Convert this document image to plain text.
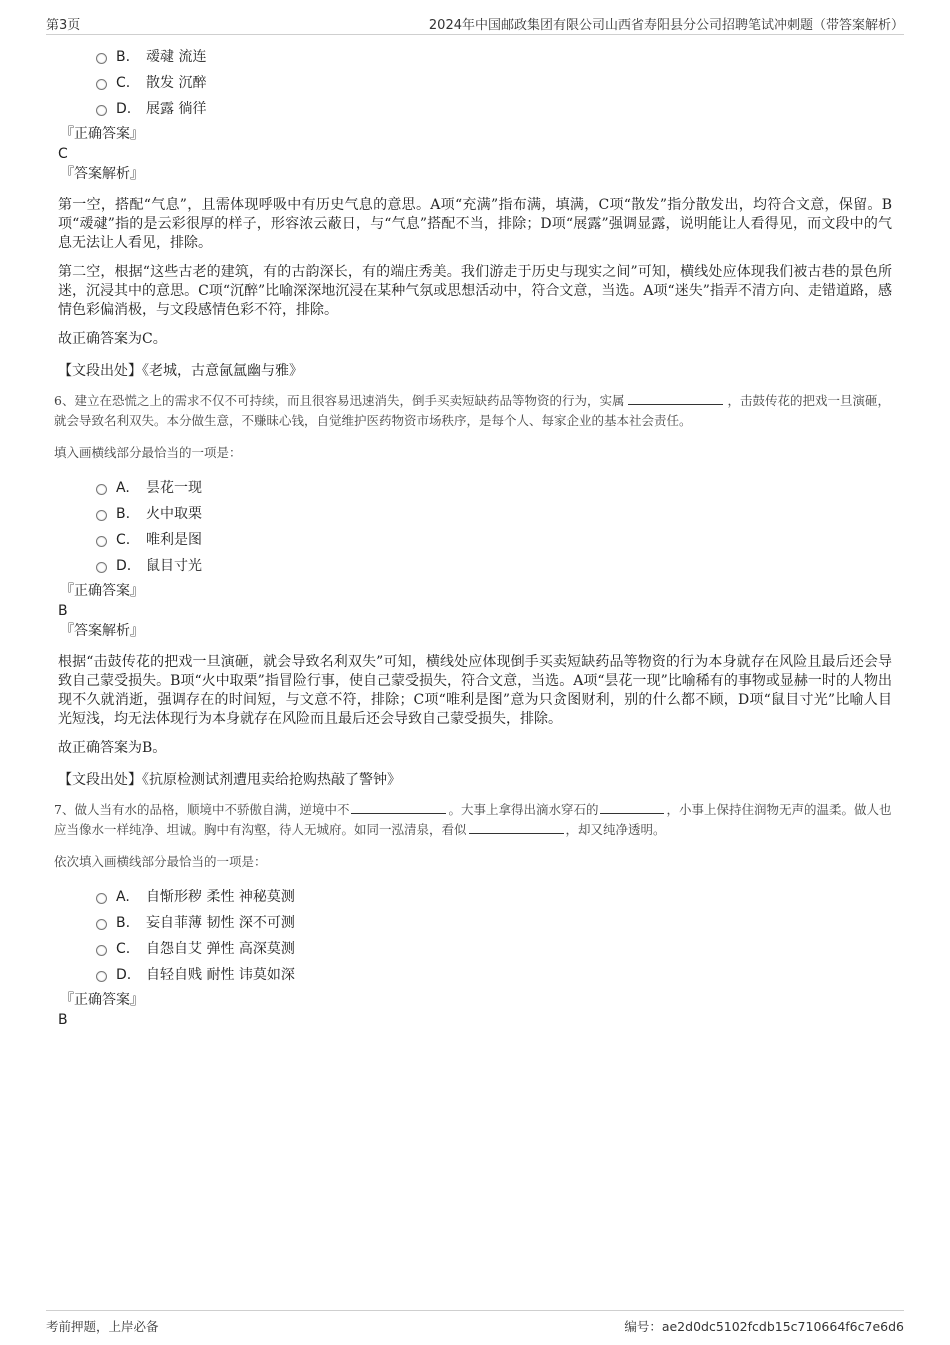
第3页	2024年中国邮政集团有限公司山西省寿阳县分公司招聘笔试冲刺题（带答案解析）
B. 叆叇 流连
C. 散发 沉醉
D. 展露 徜徉
『正确答案』
C
『答案解析』
第一空，搭配“气息”，且需体现呼吸中有历史气息的意思。A项“充满”指布满，填满，C项“散发”指分散发出，均符合文意，保留。B项“叆叇”指的是云彩很厚的样子，形容浓云蔽日，与“气息”搭配不当，排除；D项“展露”强调显露，说明能让人看得见，而文段中的气息无法让人看见，排除。
第二空，根据“这些古老的建筑，有的古韵深长，有的端庄秀美。我们游走于历史与现实之间”可知，横线处应体现我们被古巷的景色所迷，沉浸其中的意思。C项“沉醉”比喻深深地沉浸在某种气氛或思想活动中，符合文意，当选。A项“迷失”指弄不清方向、走错道路，感情色彩偏消极，与文段感情色彩不符，排除。
故正确答案为C。
【文段出处】《老城，古意氤氲幽与雅》
6、建立在恐慌之上的需求不仅不可持续，而且很容易迅速消失，倒手买卖短缺药品等物资的行为，实属	，击鼓传花的把戏一旦演砸，就会导致名利双失。本分做生意，不赚昧心钱，自觉维护医药物资市场秩序，是每个人、每家企业的基本社会责任。
填入画横线部分最恰当的一项是：
A. 昙花一现
B. 火中取栗
C. 唯利是图
D. 鼠目寸光
『正确答案』
B
『答案解析』
根据“击鼓传花的把戏一旦演砸，就会导致名利双失”可知，横线处应体现倒手买卖短缺药品等物资的行为本身就存在风险且最后还会导致自己蒙受损失。B项“火中取栗”指冒险行事，使自己蒙受损失，符合文意，当选。A项“昙花一现”比喻稀有的事物或显赫一时的人物出现不久就消逝，强调存在的时间短，与文意不符，排除；C项“唯利是图”意为只贪图财利，别的什么都不顾，D项“鼠目寸光”比喻人目光短浅，均无法体现行为本身就存在风险而且最后还会导致自己蒙受损失，排除。
故正确答案为B。
【文段出处】《抗原检测试剂遭甩卖给抢购热敲了警钟》
7、做人当有水的品格，顺境中不骄傲自满，逆境中不	。大事上拿得出滴水穿石的	，小事上保持住润物无声的温柔。做人也应当像水一样纯净、坦诚。胸中有沟壑，待人无城府。如同一泓清泉，看似	，却又纯净透明。
依次填入画横线部分最恰当的一项是：
A. 自惭形秽 柔性 神秘莫测
B. 妄自菲薄 韧性 深不可测
C. 自怨自艾 弹性 高深莫测
D. 自轻自贱 耐性 讳莫如深
『正确答案』
B
考前押题，上岸必备	编号：ae2d0dc5102fcdb15c710664f6c7e6d6
